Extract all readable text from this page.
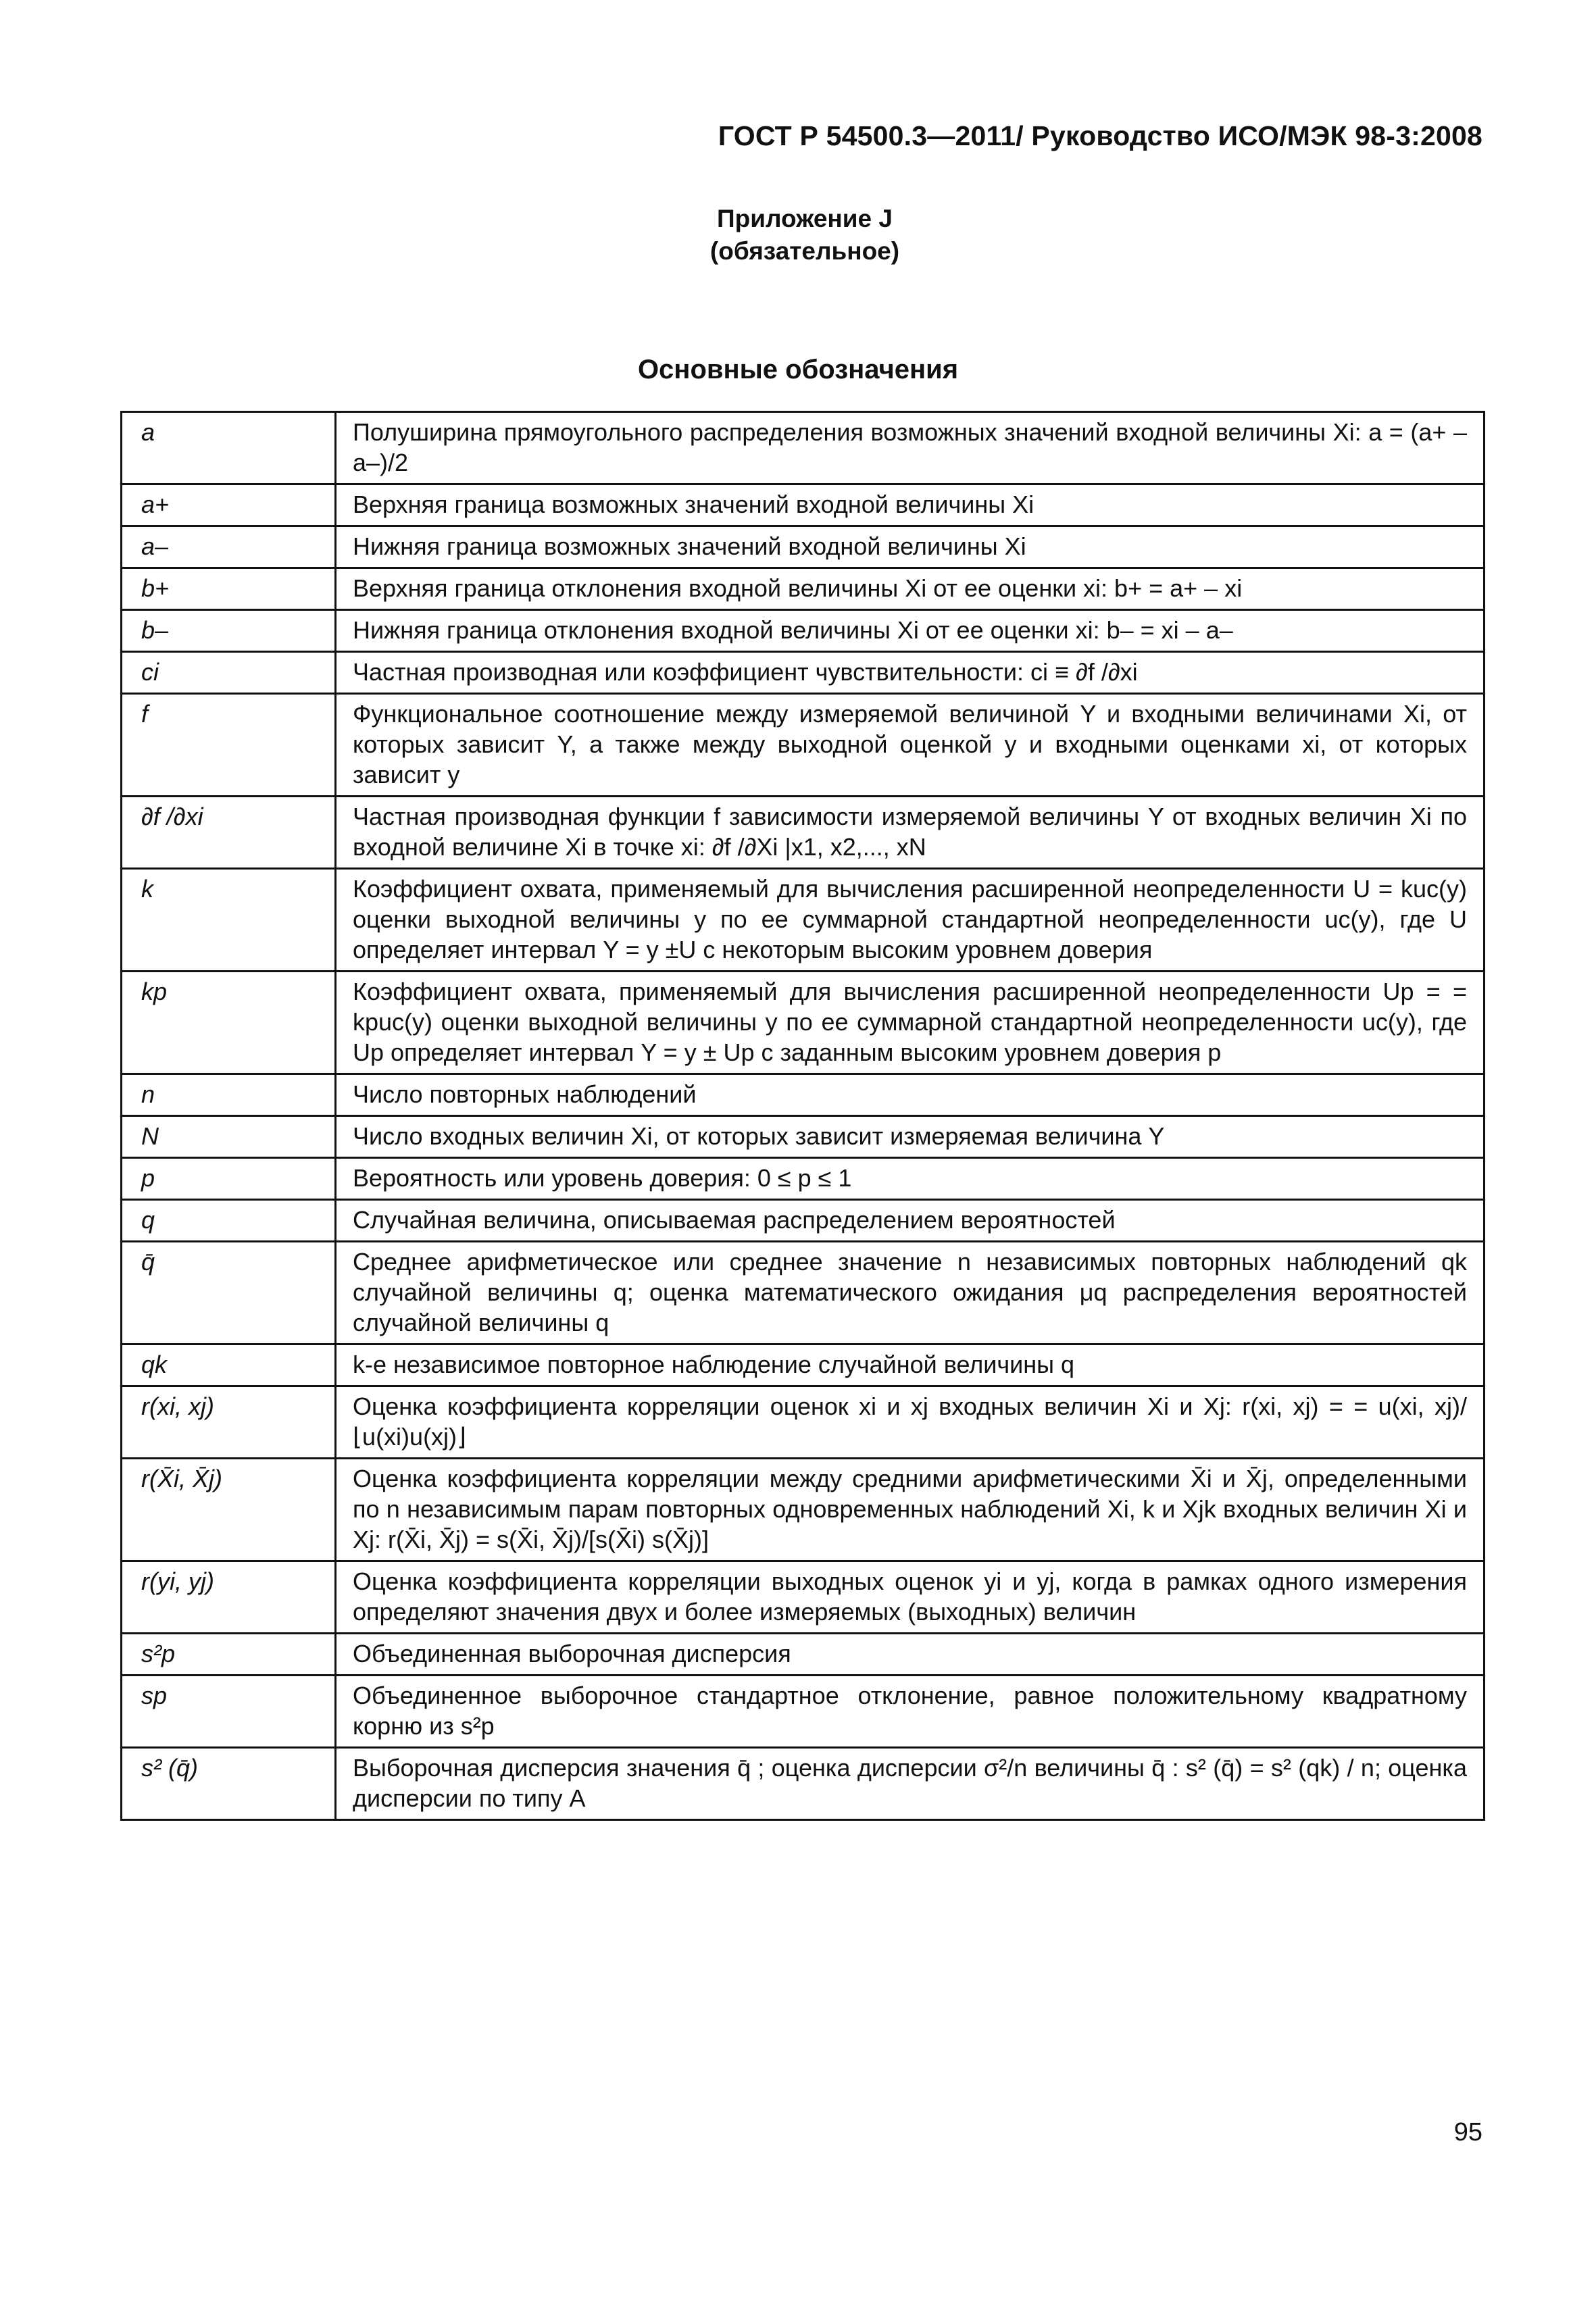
ГОСТ Р 54500.3—2011/ Руководство ИСО/МЭК 98-3:2008
Приложение J
(обязательное)
Основные обозначения
a	Полуширина прямоугольного распределения возможных значений входной величины Xi: a = (a+ – a–)/2
a+	Верхняя граница возможных значений входной величины Xi
a–	Нижняя граница возможных значений входной величины Xi
b+	Верхняя граница отклонения входной величины Xi от ее оценки xi: b+ = a+ – xi
b–	Нижняя граница отклонения входной величины Xi от ее оценки xi: b– = xi – a–
ci	Частная производная или коэффициент чувствительности: ci ≡ ∂f /∂xi
f	Функциональное соотношение между измеряемой величиной Y и входными величинами Xi, от которых зависит Y, а также между выходной оценкой y и входными оценками xi, от которых зависит y
∂f /∂xi	Частная производная функции f зависимости измеряемой величины Y от входных величин Xi по входной величине Xi в точке xi: ∂f /∂Xi |x1, x2,..., xN
k	Коэффициент охвата, применяемый для вычисления расширенной неопределенности U = kuc(y) оценки выходной величины y по ее суммарной стандартной неопределенности uc(y), где U определяет интервал Y = y ±U с некоторым высоким уровнем доверия
kp	Коэффициент охвата, применяемый для вычисления расширенной неопределенности Up = = kpuc(y) оценки выходной величины y по ее суммарной стандартной неопределенности uc(y), где Up определяет интервал Y = y ± Up с заданным высоким уровнем доверия p
n	Число повторных наблюдений
N	Число входных величин Xi, от которых зависит измеряемая величина Y
p	Вероятность или уровень доверия: 0 ≤ p ≤ 1
q	Случайная величина, описываемая распределением вероятностей
q̄	Среднее арифметическое или среднее значение n независимых повторных наблюдений qk случайной величины q; оценка математического ожидания μq распределения вероятностей случайной величины q
qk	k-е независимое повторное наблюдение случайной величины q
r(xi, xj)	Оценка коэффициента корреляции оценок xi и xj входных величин Xi и Xj: r(xi, xj) = = u(xi, xj)/ ⌊u(xi)u(xj)⌋
r(X̄i, X̄j)	Оценка коэффициента корреляции между средними арифметическими X̄i и X̄j, определенными по n независимым парам повторных одновременных наблюдений Xi, k и Xjk входных величин Xi и Xj: r(X̄i, X̄j) = s(X̄i, X̄j)/[s(X̄i) s(X̄j)]
r(yi, yj)	Оценка коэффициента корреляции выходных оценок yi и yj, когда в рамках одного измерения определяют значения двух и более измеряемых (выходных) величин
s²p	Объединенная выборочная дисперсия
sp	Объединенное выборочное стандартное отклонение, равное положительному квадратному корню из s²p
s² (q̄)	Выборочная дисперсия значения q̄ ; оценка дисперсии σ²/n величины q̄ : s² (q̄) = s² (qk) / n; оценка дисперсии по типу А
95
